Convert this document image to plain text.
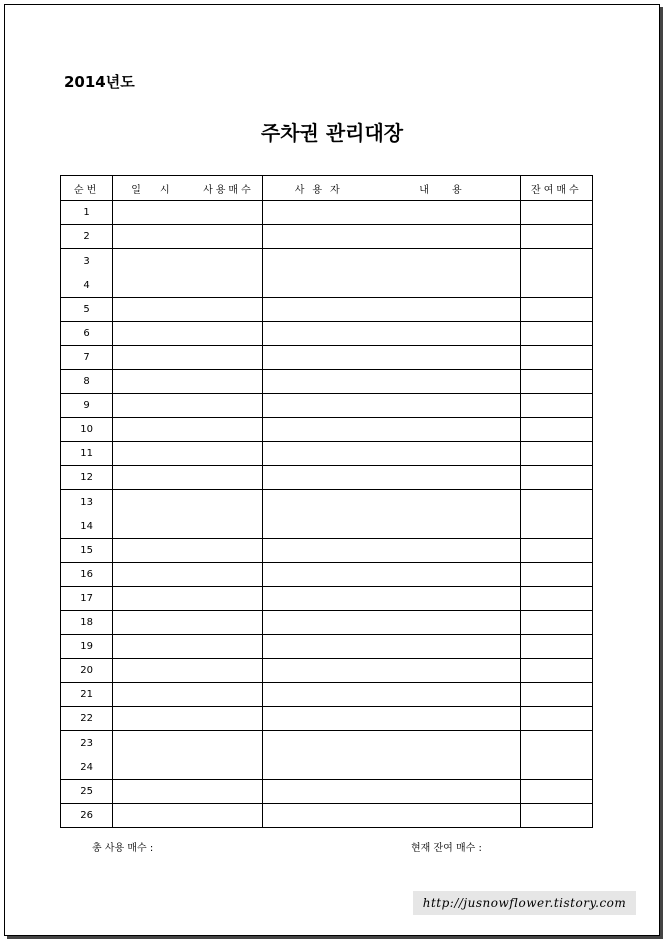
2014년도
주차권 관리대장
순번	일 시 사용매수	사용자 내 용	잔여매수
1			
2			

3
4			

5			
6			
7			
8			
9			
10			
11			
12			

13
14			

15			
16			
17			
18			
19			
20			
21			
22			

23
24			

25			
26			
총 사용 매수 :	현재 잔여 매수 :
http://jusnowflower.tistory.com
